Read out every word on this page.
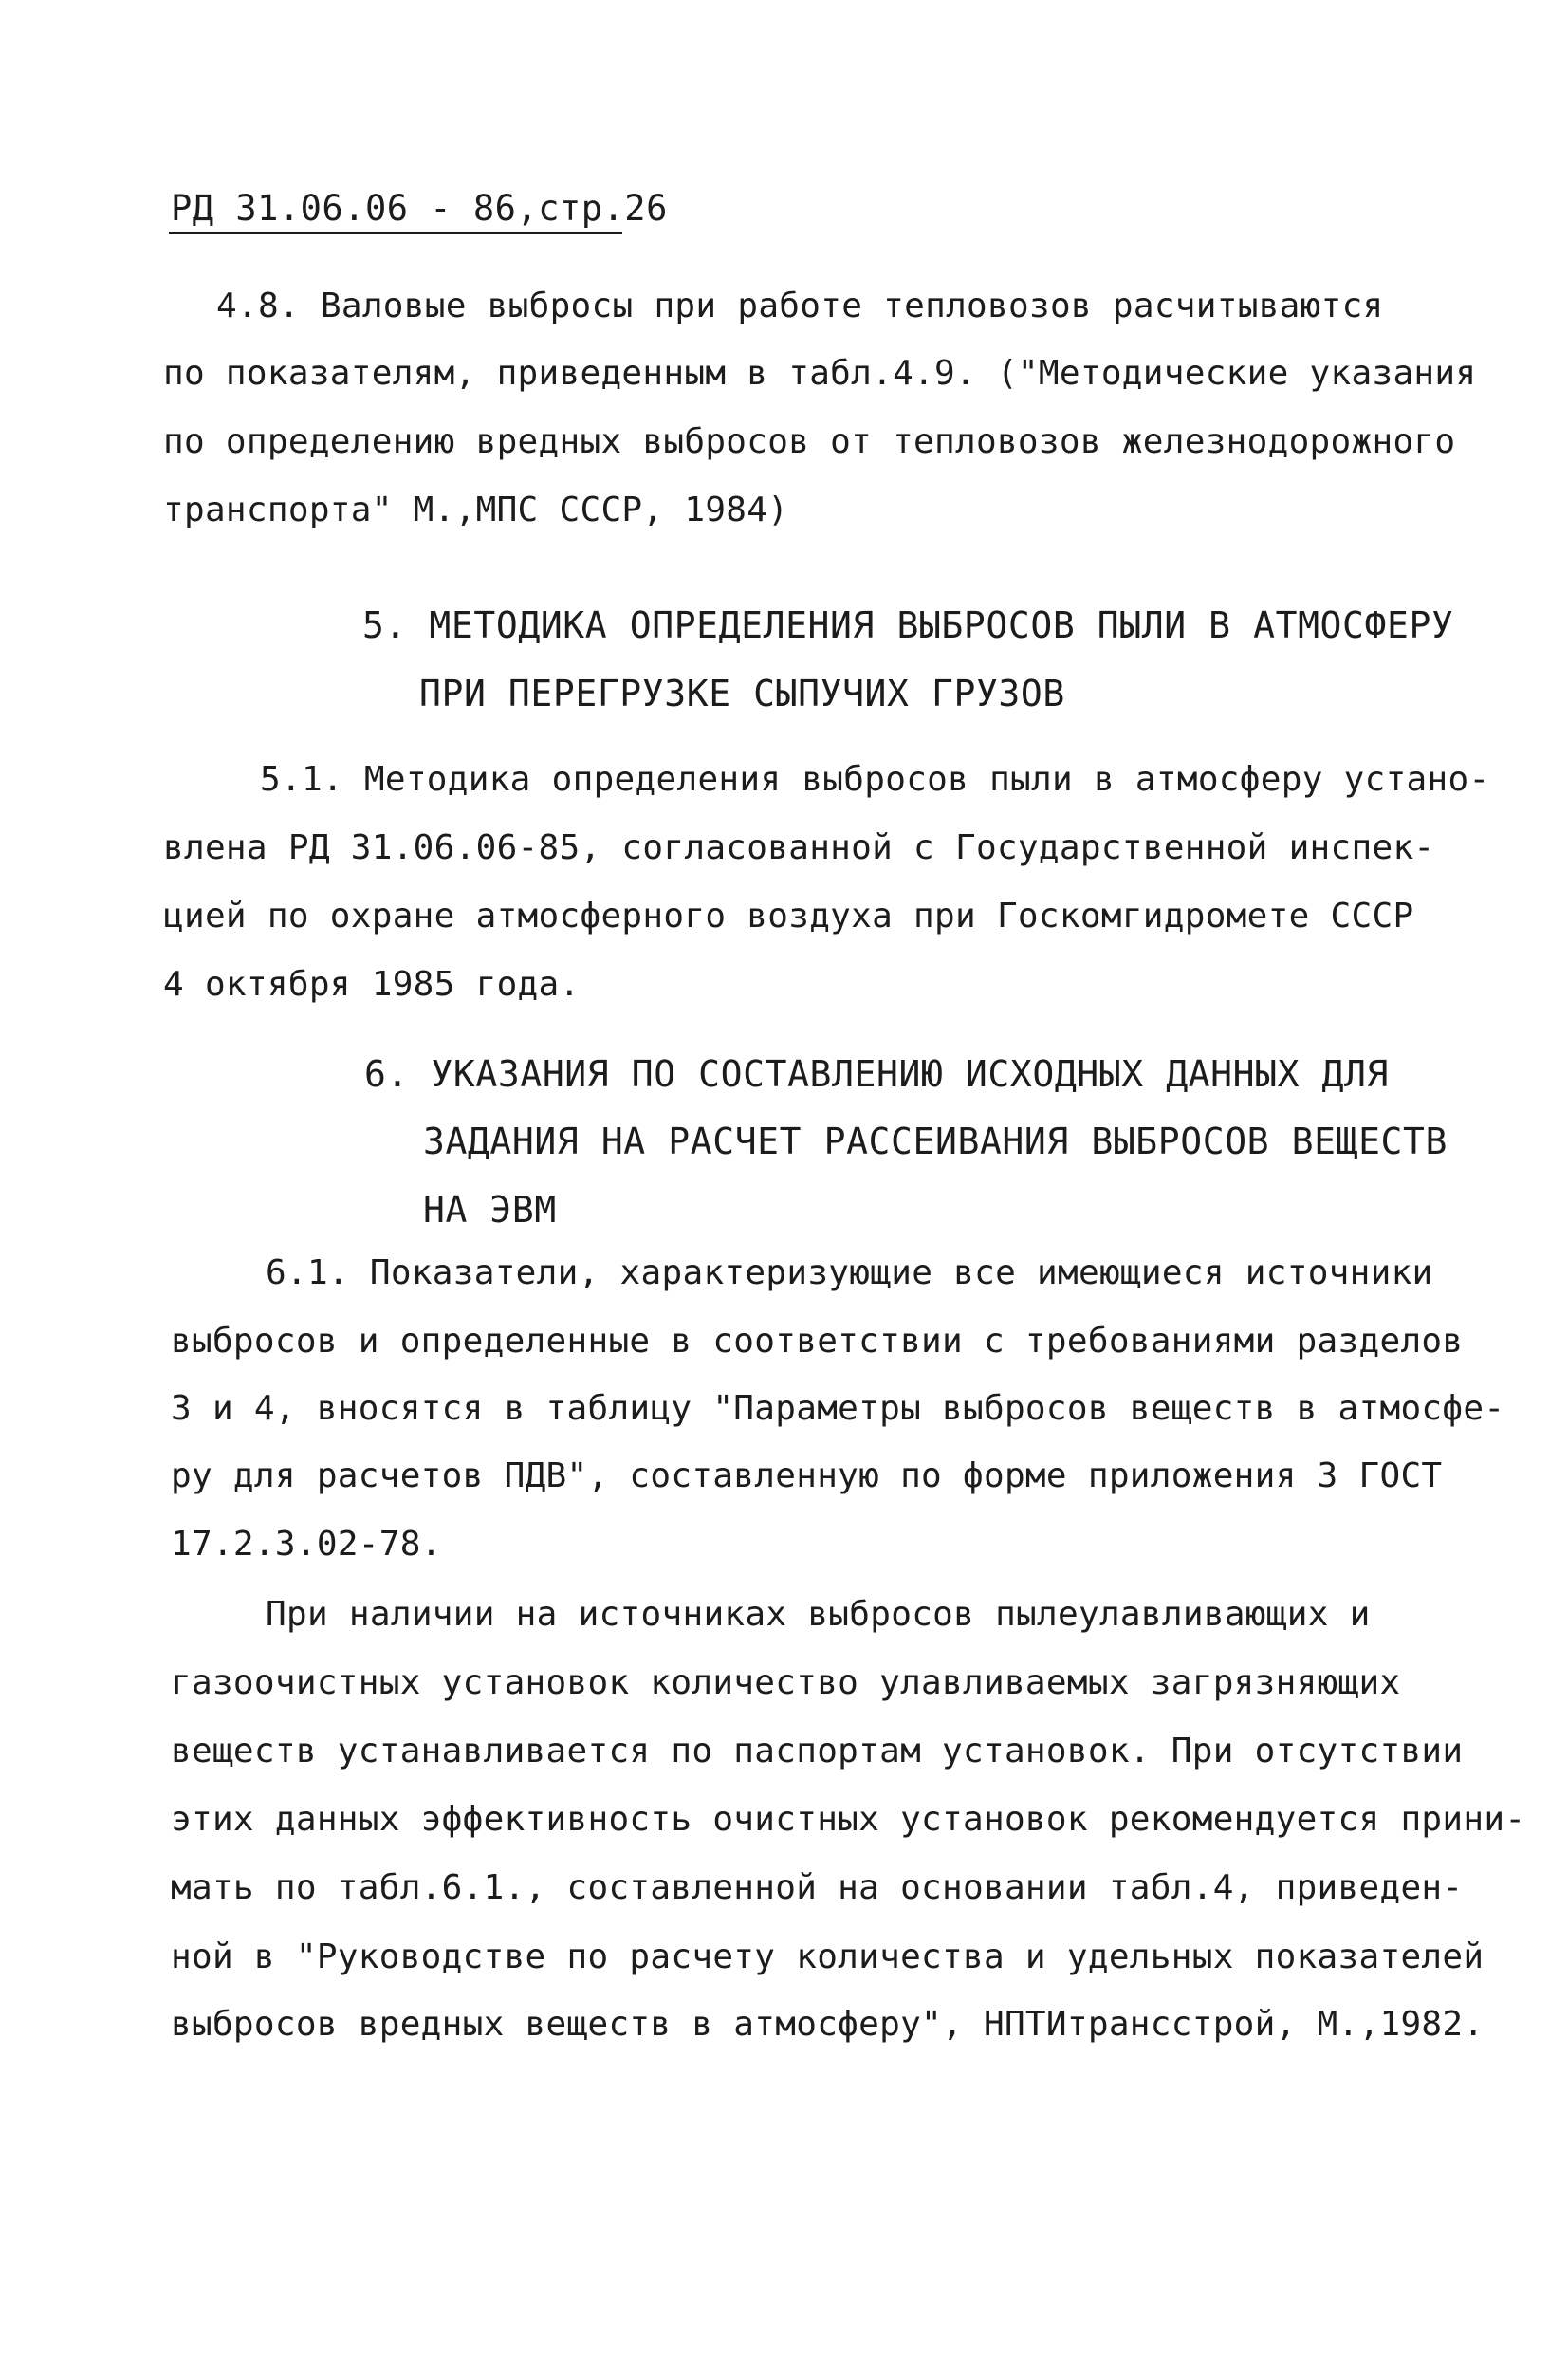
РД 31.06.06 - 86,стр.26
4.8. Валовые выбросы при работе тепловозов расчитываются
по показателям, приведенным в табл.4.9. ("Методические указания
по определению вредных выбросов от тепловозов железнодорожного
транспорта" М.,МПС СССР, 1984)
5. МЕТОДИКА ОПРЕДЕЛЕНИЯ ВЫБРОСОВ ПЫЛИ В АТМОСФЕРУ
ПРИ ПЕРЕГРУЗКЕ СЫПУЧИХ ГРУЗОВ
5.1. Методика определения выбросов пыли в атмосферу устано-
влена РД 31.06.06-85, согласованной с Государственной инспек-
цией по охране атмосферного воздуха при Госкомгидромете СССР
4 октября 1985 года.
6. УКАЗАНИЯ ПО СОСТАВЛЕНИЮ ИСХОДНЫХ ДАННЫХ ДЛЯ
ЗАДАНИЯ НА РАСЧЕТ РАССЕИВАНИЯ ВЫБРОСОВ ВЕЩЕСТВ
НА ЭВМ
6.1. Показатели, характеризующие все имеющиеся источники
выбросов и определенные в соответствии с требованиями разделов
3 и 4, вносятся в таблицу "Параметры выбросов веществ в атмосфе-
ру для расчетов ПДВ", составленную по форме приложения 3 ГОСТ
17.2.3.02-78.
При наличии на источниках выбросов пылеулавливающих и
газоочистных установок количество улавливаемых загрязняющих
веществ устанавливается по паспортам установок. При отсутствии
этих данных эффективность очистных установок рекомендуется прини-
мать по табл.6.1., составленной на основании табл.4, приведен-
ной в "Руководстве по расчету количества и удельных показателей
выбросов вредных веществ в атмосферу", НПТИтрансстрой, М.,1982.
